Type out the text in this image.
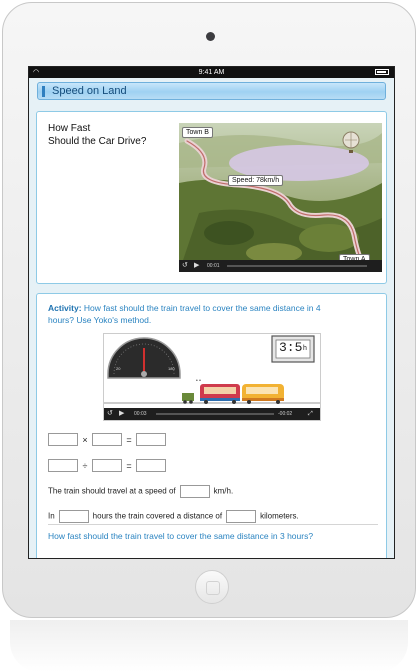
◠	9:41 AM
Speed on Land
How Fast
Should the Car Drive?
Town B
Speed: 78km/h
↺ ▶ 00:01
Activity: How fast should the train travel to cover the same distance in 4 hours? Use Yoko's method.
20	180
• •
3:5 h
↺ ▶ 00:03	-00:02	⤢
×	=
÷	=
The train should travel at a speed of	km/h.
In	hours the train covered a distance of	kilometers.
How fast should the train travel to cover the same distance in 3 hours?
